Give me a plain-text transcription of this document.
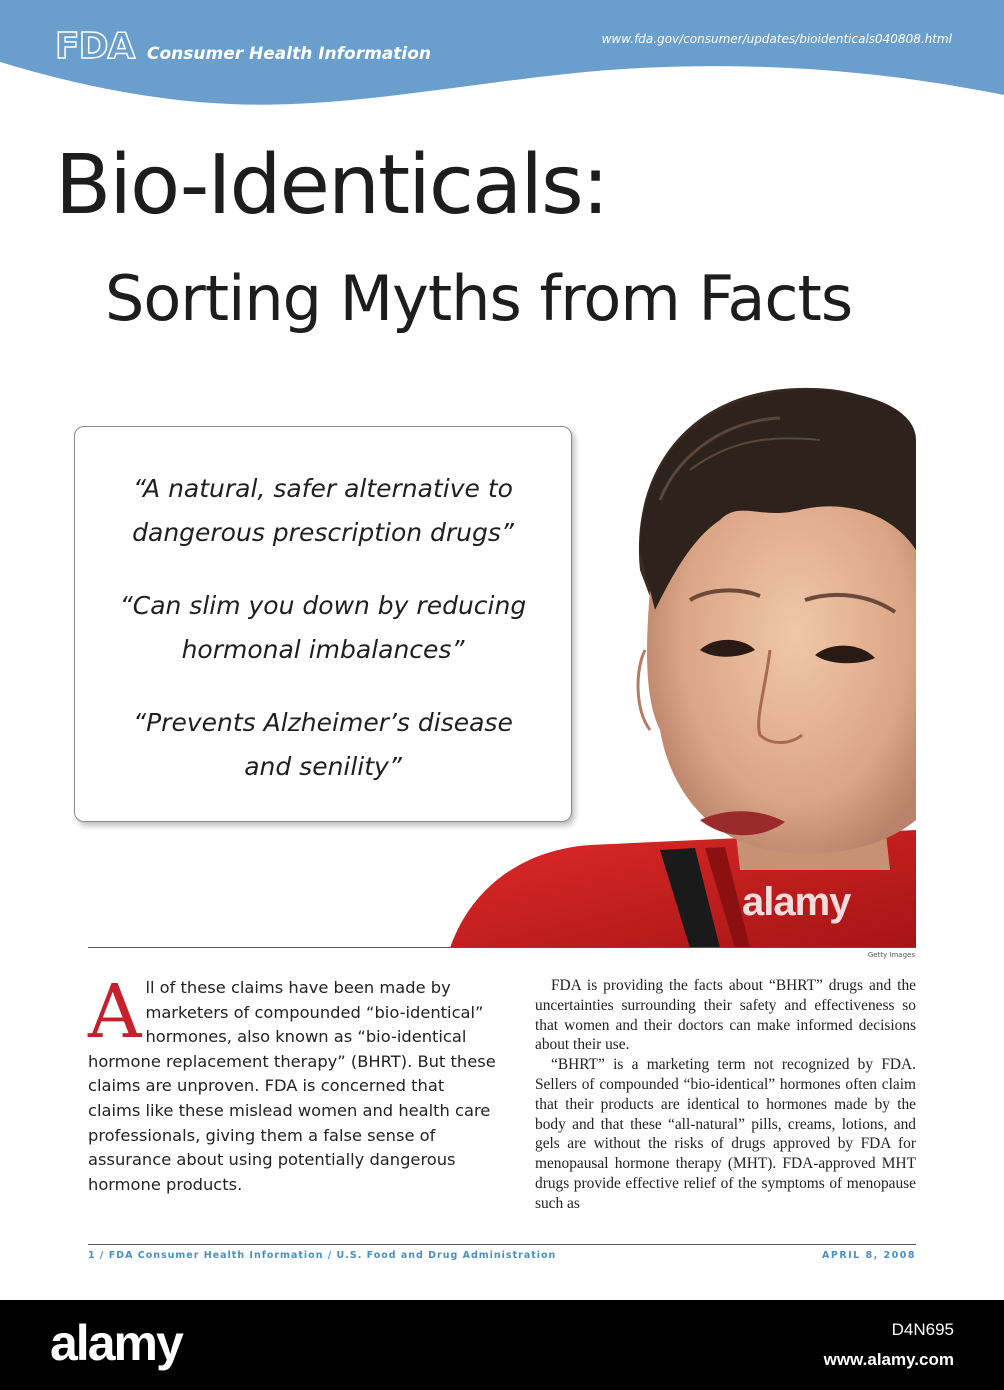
FDA Consumer Health Information
www.fda.gov/consumer/updates/bioidenticals040808.html
Bio-Identicals:
Sorting Myths from Facts
alamy
“A natural, safer alternative to
dangerous prescription drugs”
“Can slim you down by reducing
hormonal imbalances”
“Prevents Alzheimer’s disease
and senility”
Getty Images
A ll of these claims have been made by marketers of compounded “bio-identical” hormones, also known as “bio-identical hormone replacement therapy” (BHRT). But these claims are unproven. FDA is concerned that claims like these mislead women and health care professionals, giving them a false sense of assurance about using potentially dangerous hormone products.

FDA is providing the facts about “BHRT” drugs and the uncertainties surrounding their safety and effectiveness so that women and their doctors can make informed decisions about their use.

“BHRT” is a marketing term not recognized by FDA. Sellers of compounded “bio-identical” hormones often claim that their products are identical to hormones made by the body and that these “all-natural” pills, creams, lotions, and gels are without the risks of drugs approved by FDA for menopausal hormone therapy (MHT). FDA-approved MHT drugs provide effective relief of the symptoms of menopause such as

1 / FDA Consumer Health Information / U.S. Food and Drug Administration	APRIL 8, 2008
alamy	D4N695
www.alamy.com
